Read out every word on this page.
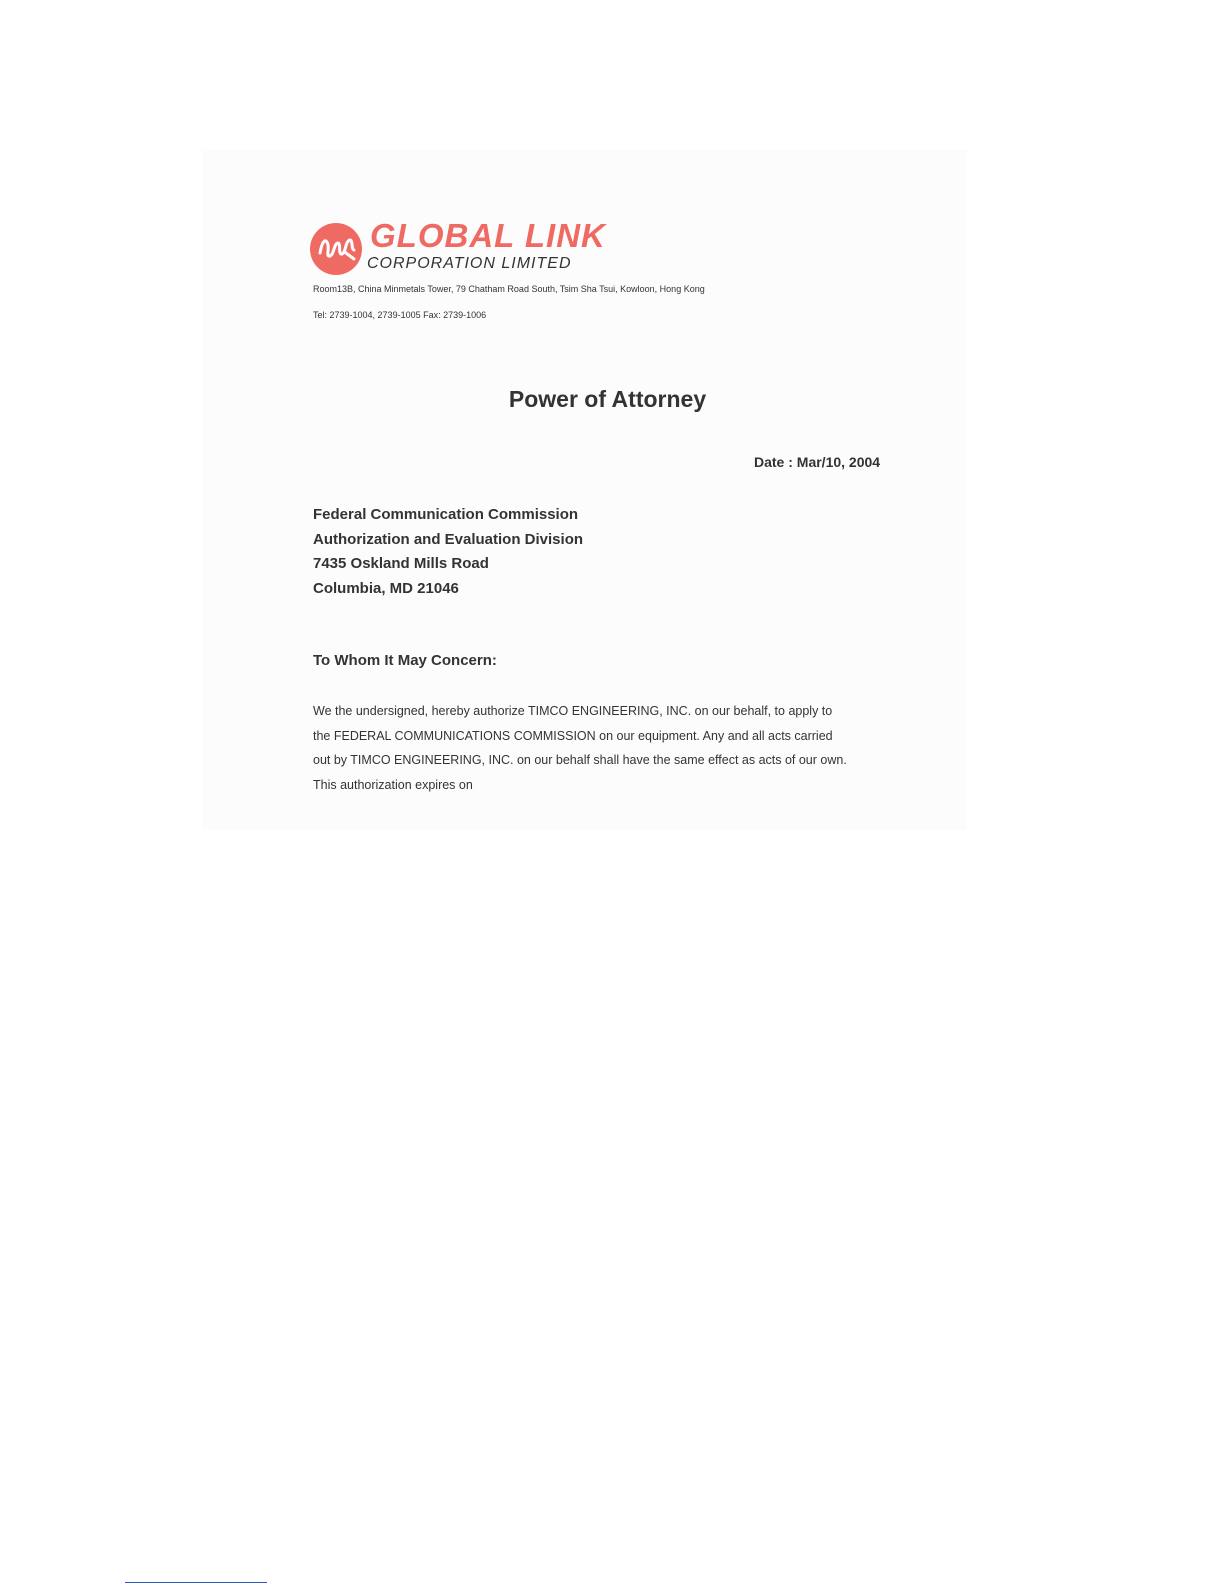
GLOBAL LINK
CORPORATION LIMITED
Room13B, China Minmetals Tower, 79 Chatham Road South, Tsim Sha Tsui, Kowloon, Hong Kong
Tel: 2739-1004, 2739-1005 Fax: 2739-1006
Power of Attorney
Date : Mar/10, 2004
Federal Communication Commission
Authorization and Evaluation Division
7435 Oskland Mills Road
Columbia, MD 21046
To Whom It May Concern:
We the undersigned, hereby authorize TIMCO ENGINEERING, INC. on our behalf, to apply to
the FEDERAL COMMUNICATIONS COMMISSION on our equipment. Any and all acts carried
out by TIMCO ENGINEERING, INC. on our behalf shall have the same effect as acts of our own.
This authorization expires on
